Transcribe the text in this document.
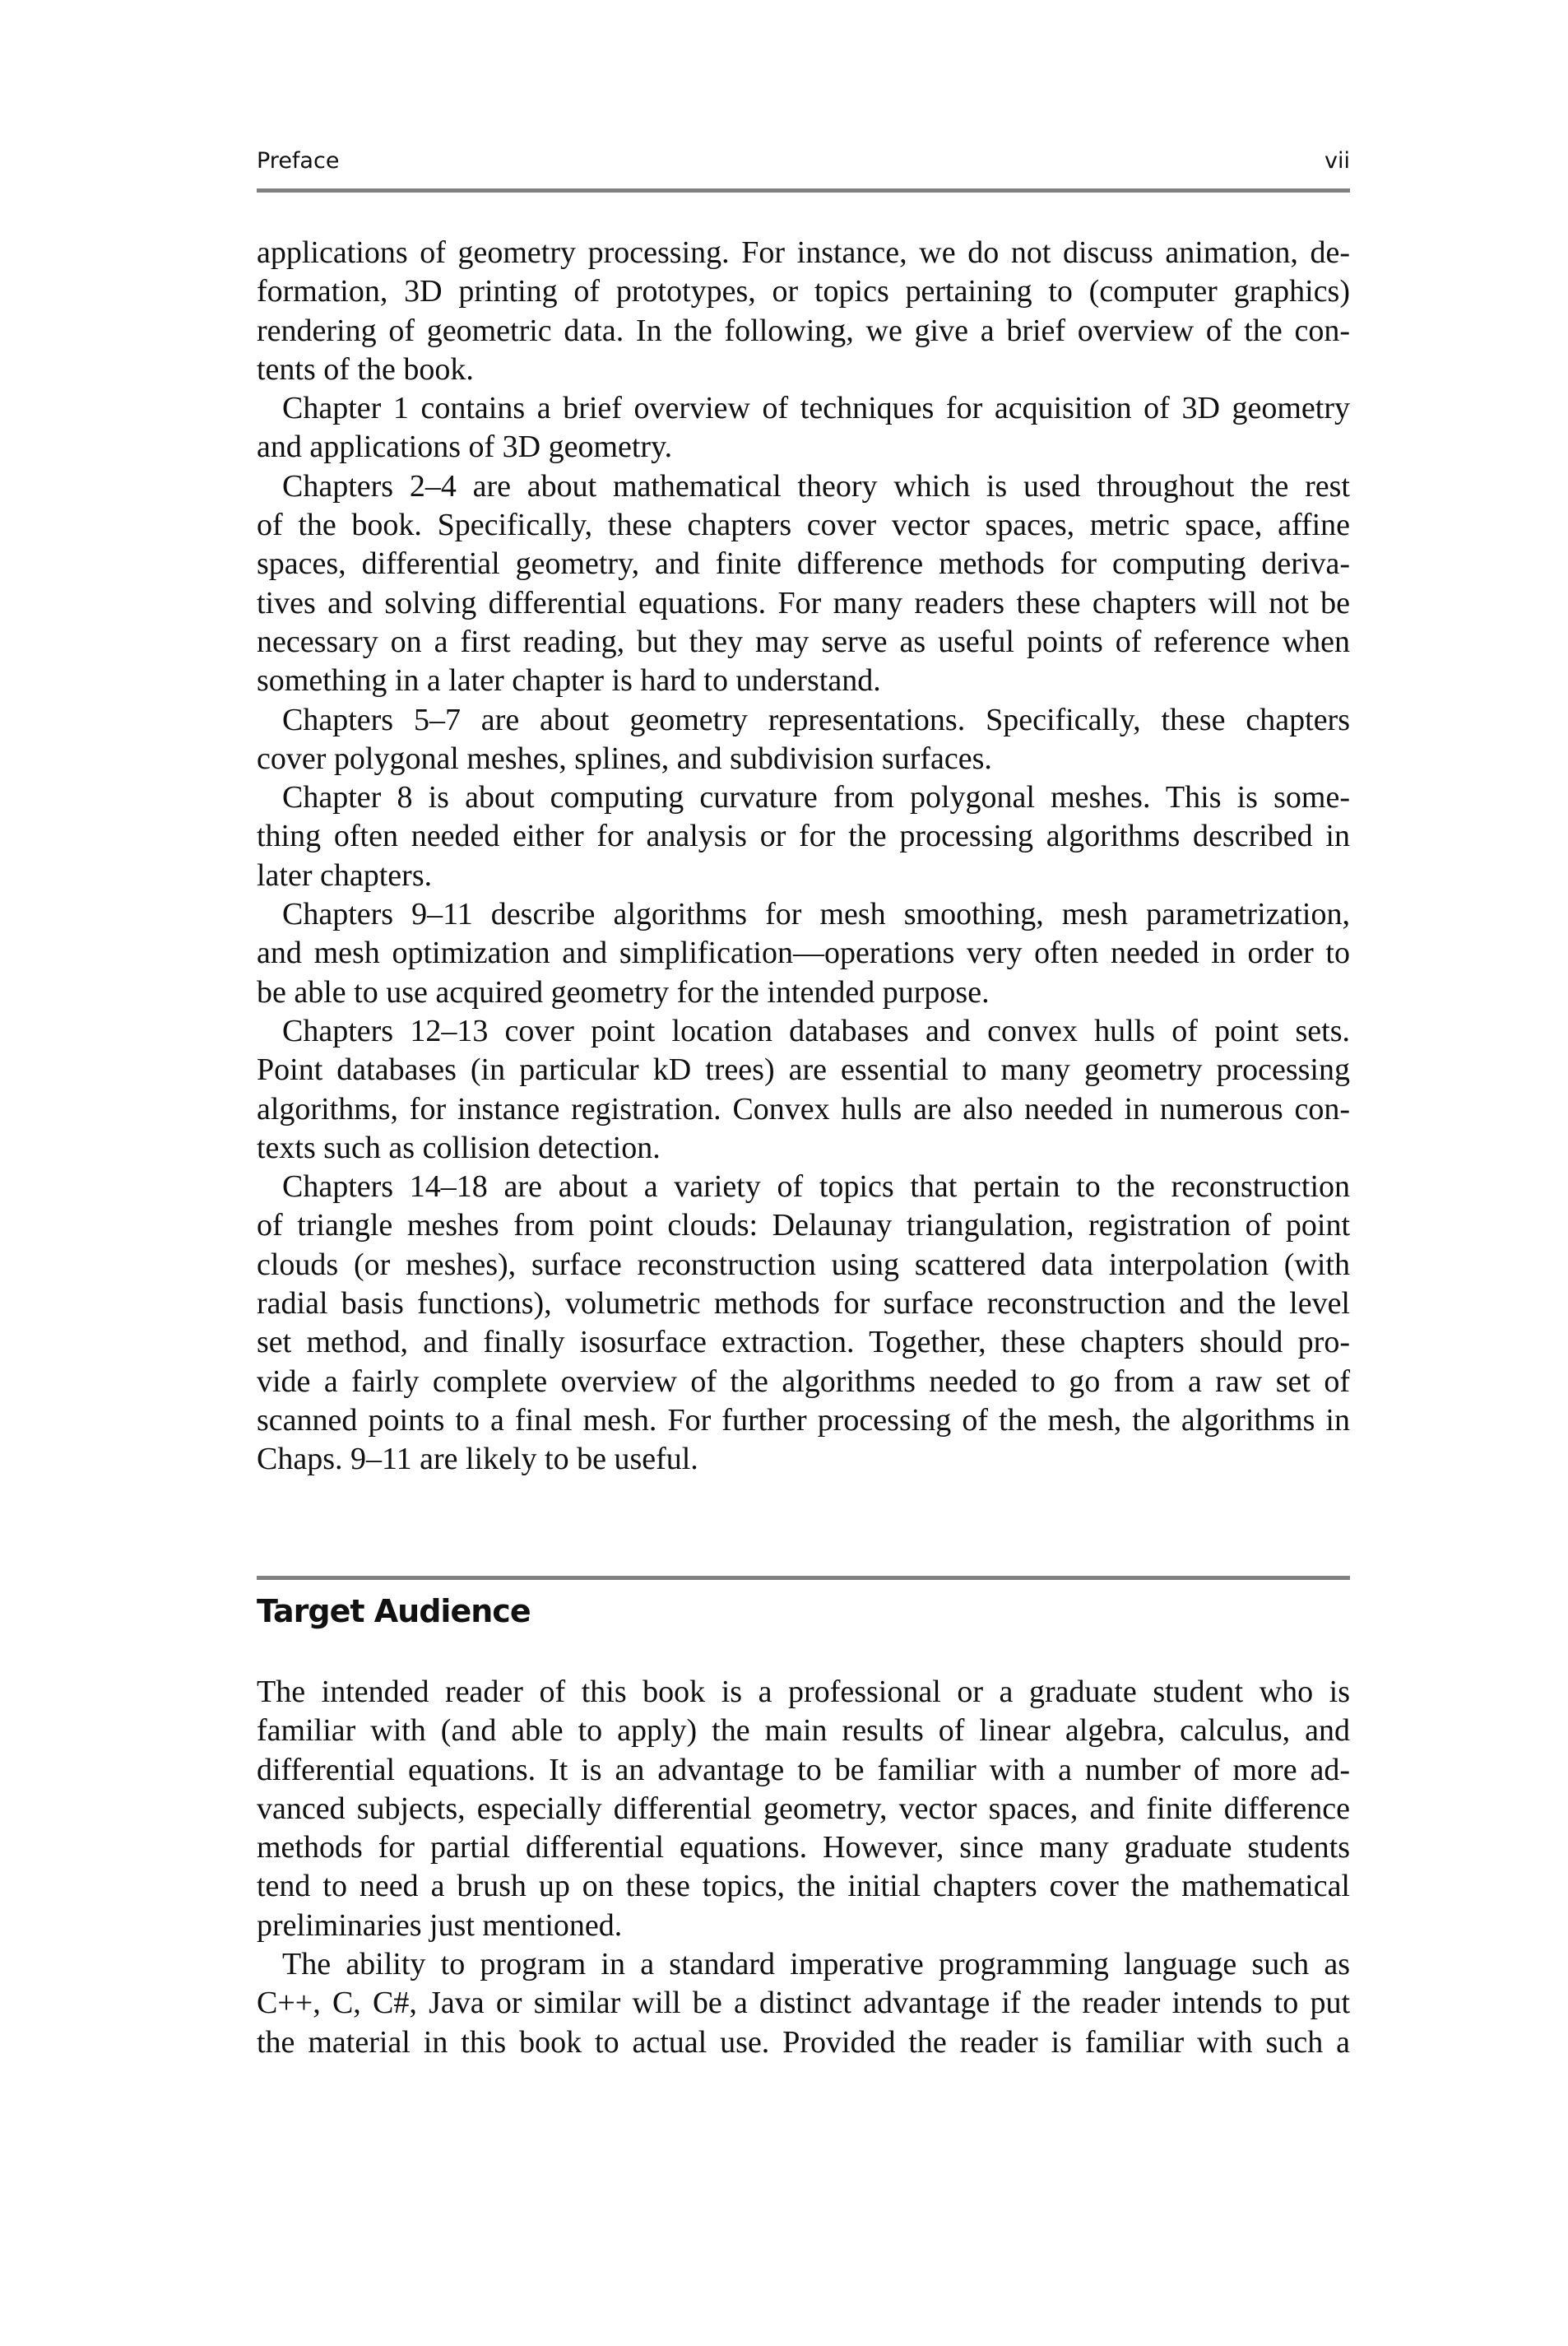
Preface	vii
applications of geometry processing. For instance, we do not discuss animation, de-
formation, 3D printing of prototypes, or topics pertaining to (computer graphics)
rendering of geometric data. In the following, we give a brief overview of the con-
tents of the book.
Chapter 1 contains a brief overview of techniques for acquisition of 3D geometry
and applications of 3D geometry.
Chapters 2–4 are about mathematical theory which is used throughout the rest
of the book. Specifically, these chapters cover vector spaces, metric space, affine
spaces, differential geometry, and finite difference methods for computing deriva-
tives and solving differential equations. For many readers these chapters will not be
necessary on a first reading, but they may serve as useful points of reference when
something in a later chapter is hard to understand.
Chapters 5–7 are about geometry representations. Specifically, these chapters
cover polygonal meshes, splines, and subdivision surfaces.
Chapter 8 is about computing curvature from polygonal meshes. This is some-
thing often needed either for analysis or for the processing algorithms described in
later chapters.
Chapters 9–11 describe algorithms for mesh smoothing, mesh parametrization,
and mesh optimization and simplification—operations very often needed in order to
be able to use acquired geometry for the intended purpose.
Chapters 12–13 cover point location databases and convex hulls of point sets.
Point databases (in particular kD trees) are essential to many geometry processing
algorithms, for instance registration. Convex hulls are also needed in numerous con-
texts such as collision detection.
Chapters 14–18 are about a variety of topics that pertain to the reconstruction
of triangle meshes from point clouds: Delaunay triangulation, registration of point
clouds (or meshes), surface reconstruction using scattered data interpolation (with
radial basis functions), volumetric methods for surface reconstruction and the level
set method, and finally isosurface extraction. Together, these chapters should pro-
vide a fairly complete overview of the algorithms needed to go from a raw set of
scanned points to a final mesh. For further processing of the mesh, the algorithms in
Chaps. 9–11 are likely to be useful.
Target Audience
The intended reader of this book is a professional or a graduate student who is
familiar with (and able to apply) the main results of linear algebra, calculus, and
differential equations. It is an advantage to be familiar with a number of more ad-
vanced subjects, especially differential geometry, vector spaces, and finite difference
methods for partial differential equations. However, since many graduate students
tend to need a brush up on these topics, the initial chapters cover the mathematical
preliminaries just mentioned.
The ability to program in a standard imperative programming language such as
C++, C, C#, Java or similar will be a distinct advantage if the reader intends to put
the material in this book to actual use. Provided the reader is familiar with such a
